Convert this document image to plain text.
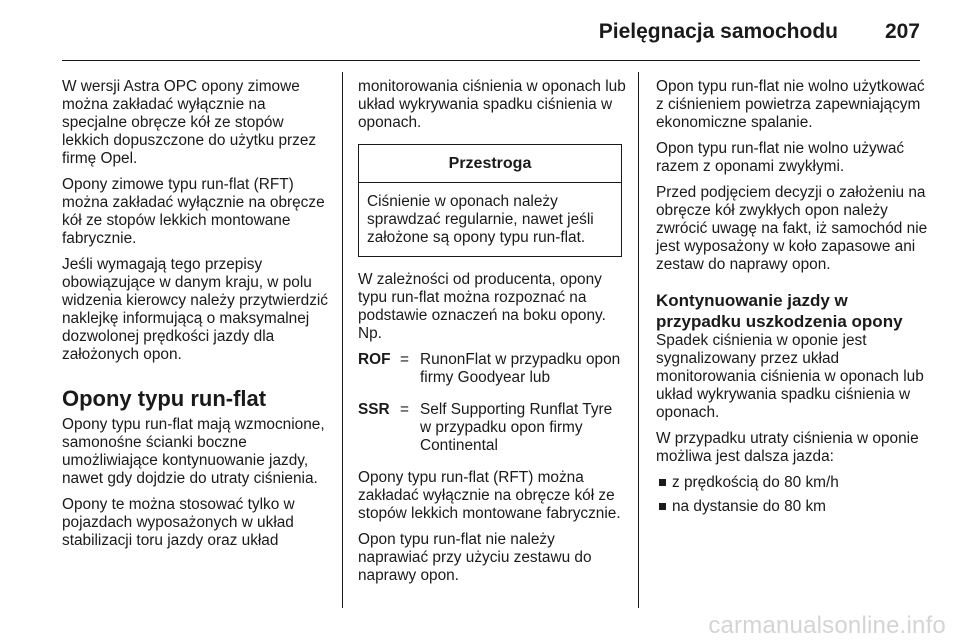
Pielęgnacja samochodu 207

W wersji Astra OPC opony zimowe można zakładać wyłącznie na specjalne obręcze kół ze stopów lekkich dopuszczone do użytku przez firmę Opel.

Opony zimowe typu run-flat (RFT) można zakładać wyłącznie na obręcze kół ze stopów lekkich montowane fabrycznie.

Jeśli wymagają tego przepisy obowiązujące w danym kraju, w polu widzenia kierowcy należy przytwierdzić naklejkę informującą o maksymalnej dozwolonej prędkości jazdy dla założonych opon.

Opony typu run-flat

Opony typu run-flat mają wzmocnione, samonośne ścianki boczne umożliwiające kontynuowanie jazdy, nawet gdy dojdzie do utraty ciśnienia.

Opony te można stosować tylko w pojazdach wyposażonych w układ stabilizacji toru jazdy oraz układ

monitorowania ciśnienia w oponach lub układ wykrywania spadku ciśnienia w oponach.

Przestroga
Ciśnienie w oponach należy sprawdzać regularnie, nawet jeśli założone są opony typu run-flat.

W zależności od producenta, opony typu run-flat można rozpoznać na podstawie oznaczeń na boku opony. Np.

ROF = RunonFlat w przypadku opon firmy Goodyear lub
SSR = Self Supporting Runflat Tyre w przypadku opon firmy Continental

Opony typu run-flat (RFT) można zakładać wyłącznie na obręcze kół ze stopów lekkich montowane fabrycznie.

Opon typu run-flat nie należy naprawiać przy użyciu zestawu do naprawy opon.

Opon typu run-flat nie wolno użytkować z ciśnieniem powietrza zapewniającym ekonomiczne spalanie.

Opon typu run-flat nie wolno używać razem z oponami zwykłymi.

Przed podjęciem decyzji o założeniu na obręcze kół zwykłych opon należy zwrócić uwagę na fakt, iż samochód nie jest wyposażony w koło zapasowe ani zestaw do naprawy opon.

Kontynuowanie jazdy w przypadku uszkodzenia opony

Spadek ciśnienia w oponie jest sygnalizowany przez układ monitorowania ciśnienia w oponach lub układ wykrywania spadku ciśnienia w oponach.

W przypadku utraty ciśnienia w oponie możliwa jest dalsza jazda:

z prędkością do 80 km/h
na dystansie do 80 km
carmanualsonline.info
